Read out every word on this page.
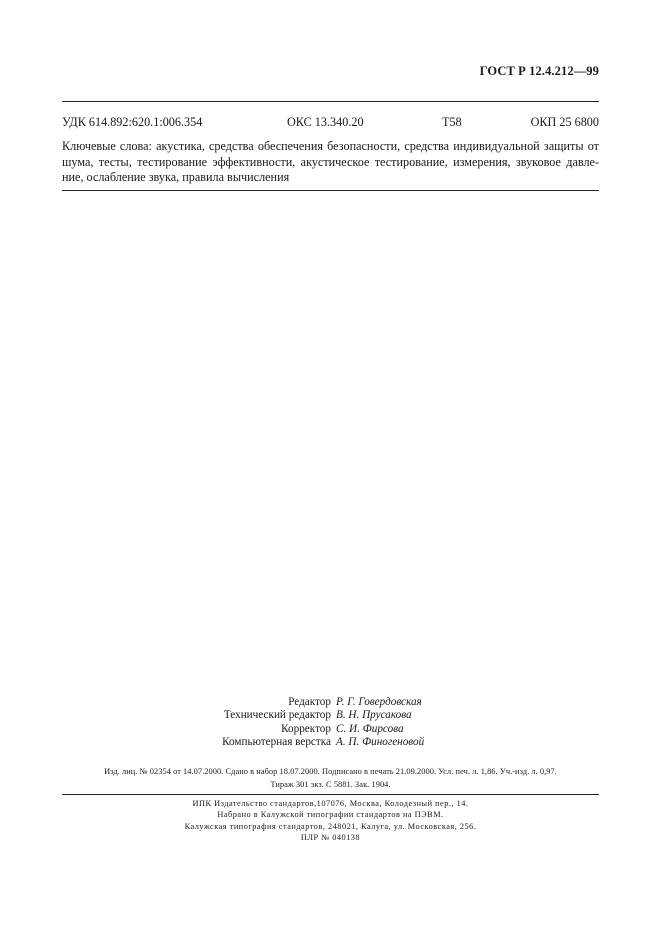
ГОСТ Р 12.4.212—99
УДК 614.892:620.1:006.354	ОКС 13.340.20	Т58	ОКП 25 6800
Ключевые слова: акустика, средства обеспечения безопасности, средства индивидуальной защиты от
шума, тесты, тестирование эффективности, акустическое тестирование, измерения, звуковое давле-
ние, ослабление звука, правила вычисления
Редактор Р. Г. Говердовская
Технический редактор В. Н. Прусакова
Корректор С. И. Фирсова
Компьютерная верстка А. П. Финогеновой
Изд. лиц. № 02354 от 14.07.2000. Сдано в набор 18.07.2000. Подписано в печать 21.09.2000. Усл. печ. л. 1,86. Уч.-изд. л. 0,97.
Тираж 301 экз. С 5881. Зак. 1904.
ИПК Издательство стандартов,107076, Москва, Колодезный пер., 14.
Набрано в Калужской типографии стандартов на ПЭВМ.
Калужская типография стандартов, 248021, Калуга, ул. Московская, 256.
ПЛР № 040138
